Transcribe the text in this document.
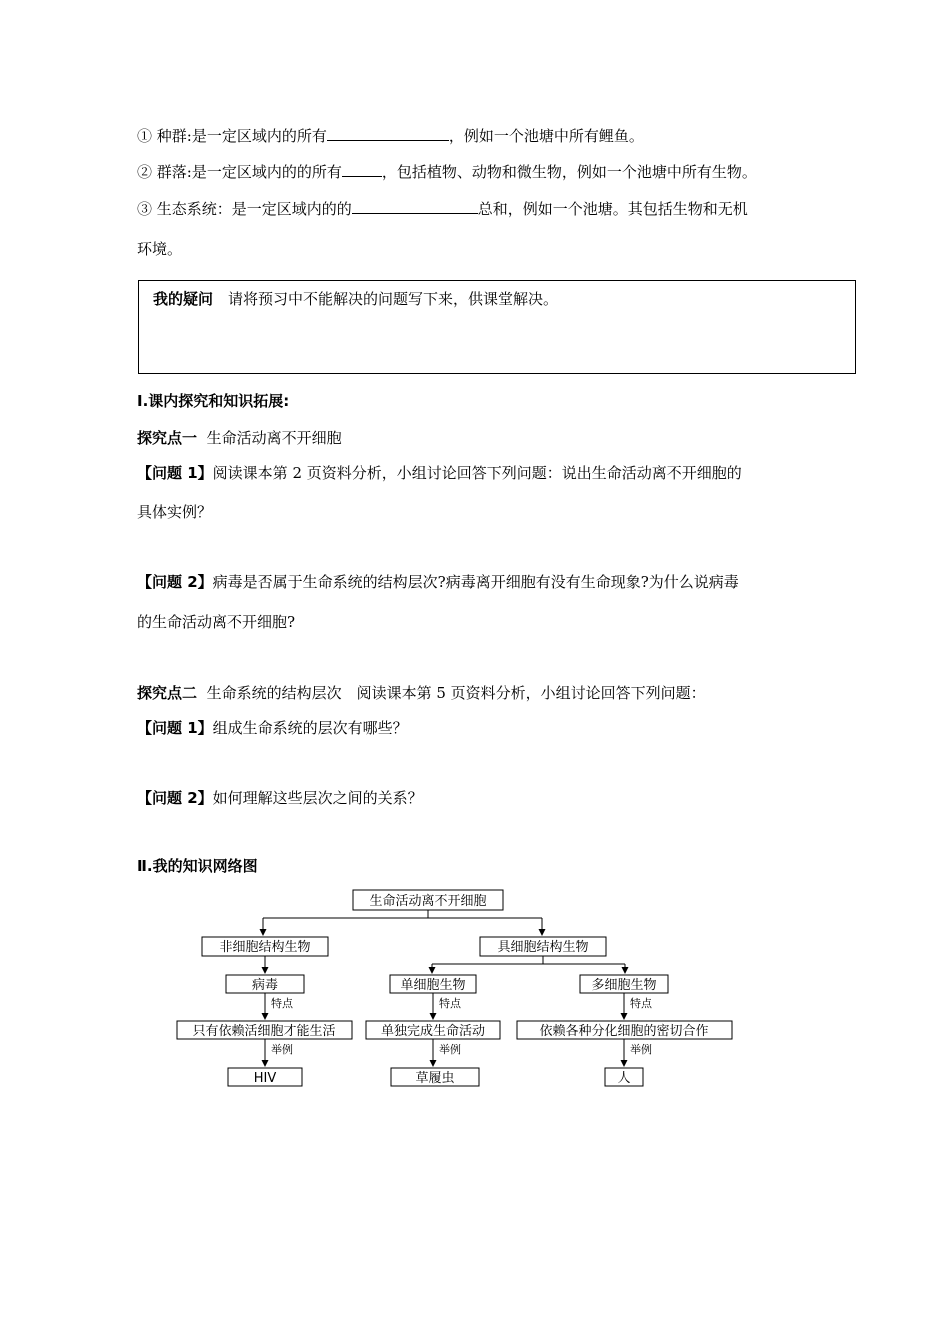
① 种群:是一定区域内的所有	，例如一个池塘中所有鲤鱼。
② 群落:是一定区域内的的所有	，包括植物、动物和微生物，例如一个池塘中所有生物。
③ 生态系统：是一定区域内的的	总和，例如一个池塘。其包括生物和无机
环境。
我的疑问　 请将预习中不能解决的问题写下来，供课堂解决。
Ⅰ.课内探究和知识拓展:
探究点一 生命活动离不开细胞
【问题 1】阅读课本第 2 页资料分析，小组讨论回答下列问题：说出生命活动离不开细胞的
具体实例？
【问题 2】病毒是否属于生命系统的结构层次?病毒离开细胞有没有生命现象?为什么说病毒
的生命活动离不开细胞?
探究点二 生命系统的结构层次　阅读课本第 5 页资料分析，小组讨论回答下列问题：
【问题 1】组成生命系统的层次有哪些？
【问题 2】如何理解这些层次之间的关系？
Ⅱ.我的知识网络图
生命活动离不开细胞
非细胞结构生物	具细胞结构生物
病毒	单细胞生物	多细胞生物
特点	特点	特点
只有依赖活细胞才能生活	单独完成生命活动	依赖各种分化细胞的密切合作
举例	举例	举例
HIV	草履虫	人
